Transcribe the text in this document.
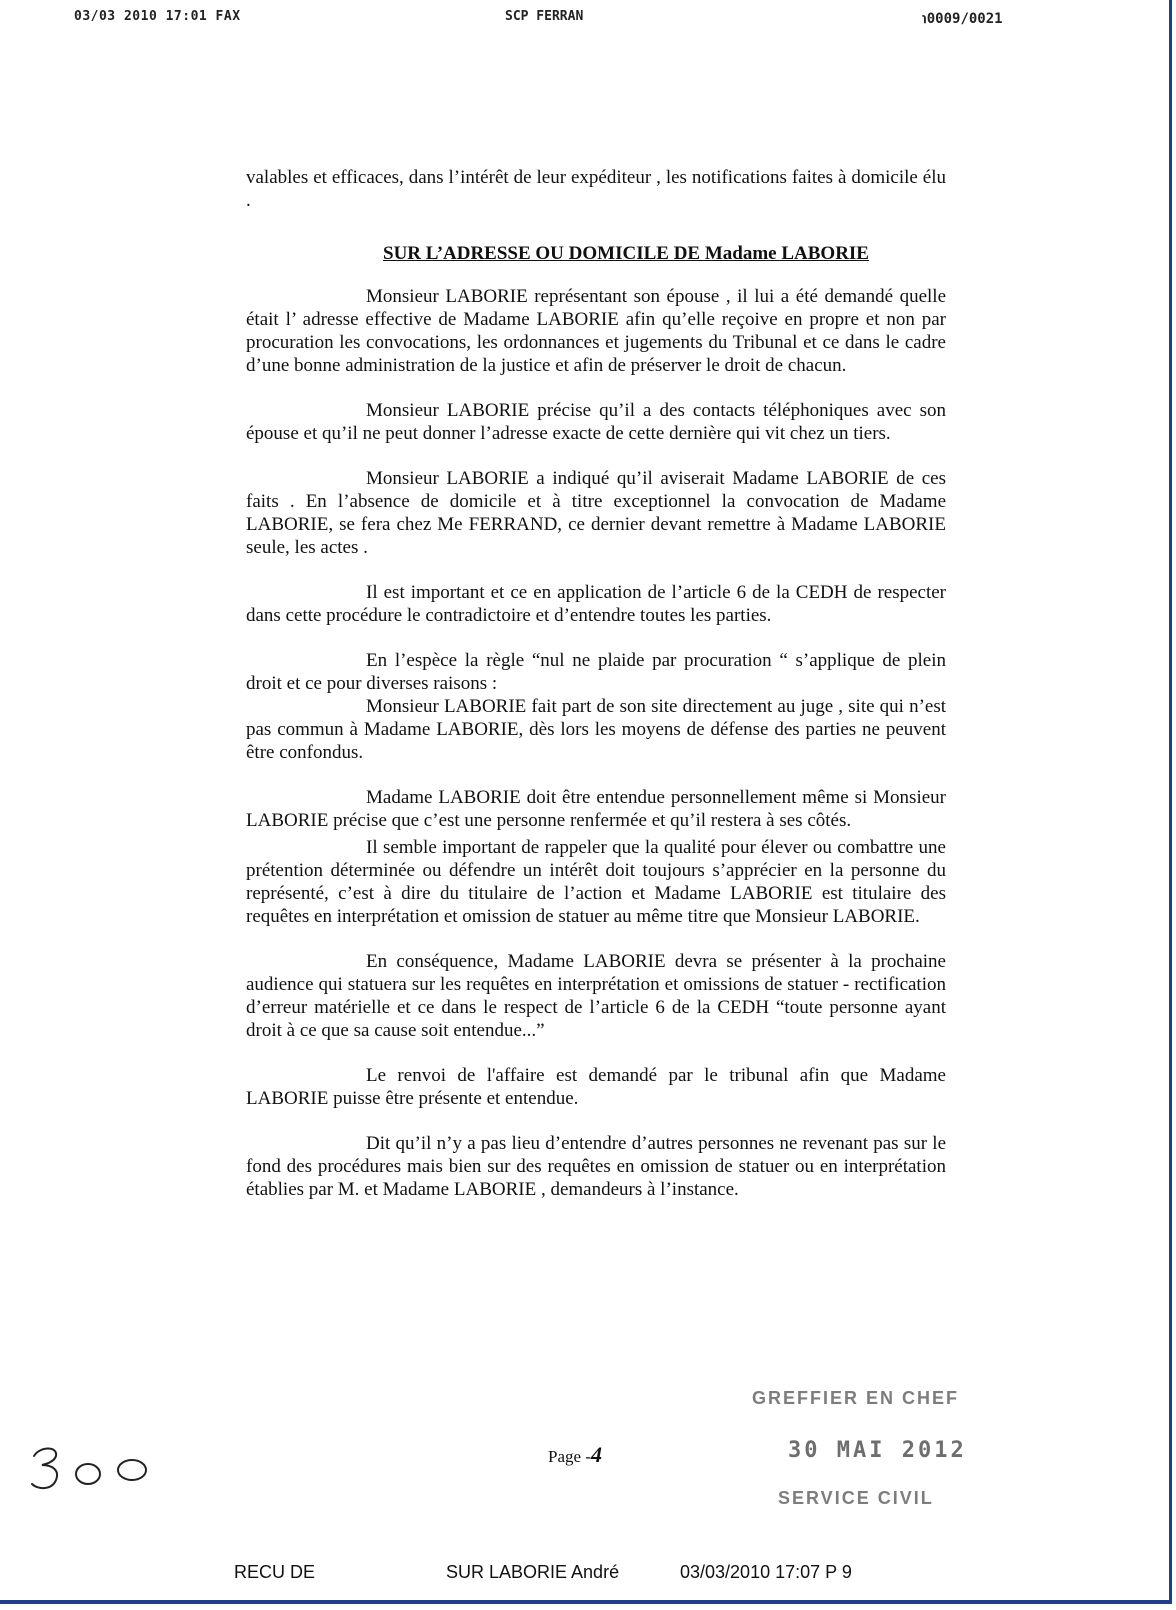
03/03 2010 17:01 FAX	SCP FERRAN	℩0009/0021

valables et efficaces, dans l’intérêt de leur expéditeur , les notifications faites à domicile élu .

SUR L’ADRESSE OU DOMICILE DE Madame LABORIE

Monsieur LABORIE représentant son épouse , il lui a été demandé quelle était l’ adresse effective de Madame LABORIE afin qu’elle reçoive en propre et non par procuration les convocations, les ordonnances et jugements du Tribunal et ce dans le cadre d’une bonne administration de la justice et afin de préserver le droit de chacun.

Monsieur LABORIE précise qu’il a des contacts téléphoniques avec son épouse et qu’il ne peut donner l’adresse exacte de cette dernière qui vit chez un tiers.

Monsieur LABORIE a indiqué qu’il aviserait Madame LABORIE de ces faits . En l’absence de domicile et à titre exceptionnel la convocation de Madame LABORIE, se fera chez Me FERRAND, ce dernier devant remettre à Madame LABORIE seule, les actes .

Il est important et ce en application de l’article 6 de la CEDH de respecter dans cette procédure le contradictoire et d’entendre toutes les parties.

En l’espèce la règle “nul ne plaide par procuration “ s’applique de plein droit et ce pour diverses raisons :

Monsieur LABORIE fait part de son site directement au juge , site qui n’est pas commun à Madame LABORIE, dès lors les moyens de défense des parties ne peuvent être confondus.

Madame LABORIE doit être entendue personnellement même si Monsieur LABORIE précise que c’est une personne renfermée et qu’il restera à ses côtés.

Il semble important de rappeler que la qualité pour élever ou combattre une prétention déterminée ou défendre un intérêt doit toujours s’apprécier en la personne du représenté, c’est à dire du titulaire de l’action et Madame LABORIE est titulaire des requêtes en interprétation et omission de statuer au même titre que Monsieur LABORIE.

En conséquence, Madame LABORIE devra se présenter à la prochaine audience qui statuera sur les requêtes en interprétation et omissions de statuer - rectification d’erreur matérielle et ce dans le respect de l’article 6 de la CEDH “toute personne ayant droit à ce que sa cause soit entendue...”

Le renvoi de l'affaire est demandé par le tribunal afin que Madame LABORIE puisse être présente et entendue.

Dit qu’il n’y a pas lieu d’entendre d’autres personnes ne revenant pas sur le fond des procédures mais bien sur des requêtes en omission de statuer ou en interprétation établies par M. et Madame LABORIE , demandeurs à l’instance.

GREFFIER EN CHEF
30 MAI 2012
SERVICE CIVIL
Page -4
RECU DE	SUR LABORIE André	03/03/2010 17:07 P 9
